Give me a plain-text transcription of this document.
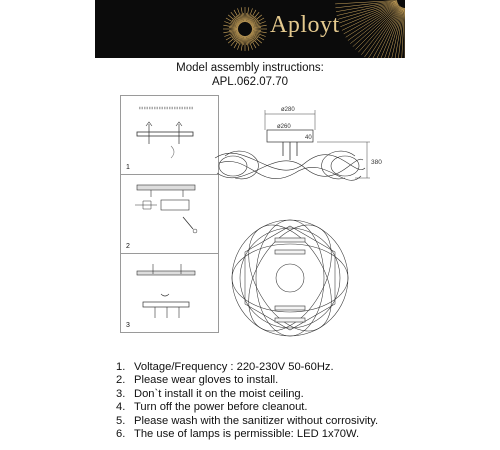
Aployt
Model assembly instructions:
APL.062.07.70
1
2
3
ø280
ø260
40
380
1. Voltage/Frequency : 220-230V 50-60Hz.
2. Please wear gloves to install.
3. Don`t install it on the moist ceiling.
4. Turn off the power before cleanout.
5. Please wash with the sanitizer without corrosivity.
6. The use of lamps is permissible: LED 1x70W.
